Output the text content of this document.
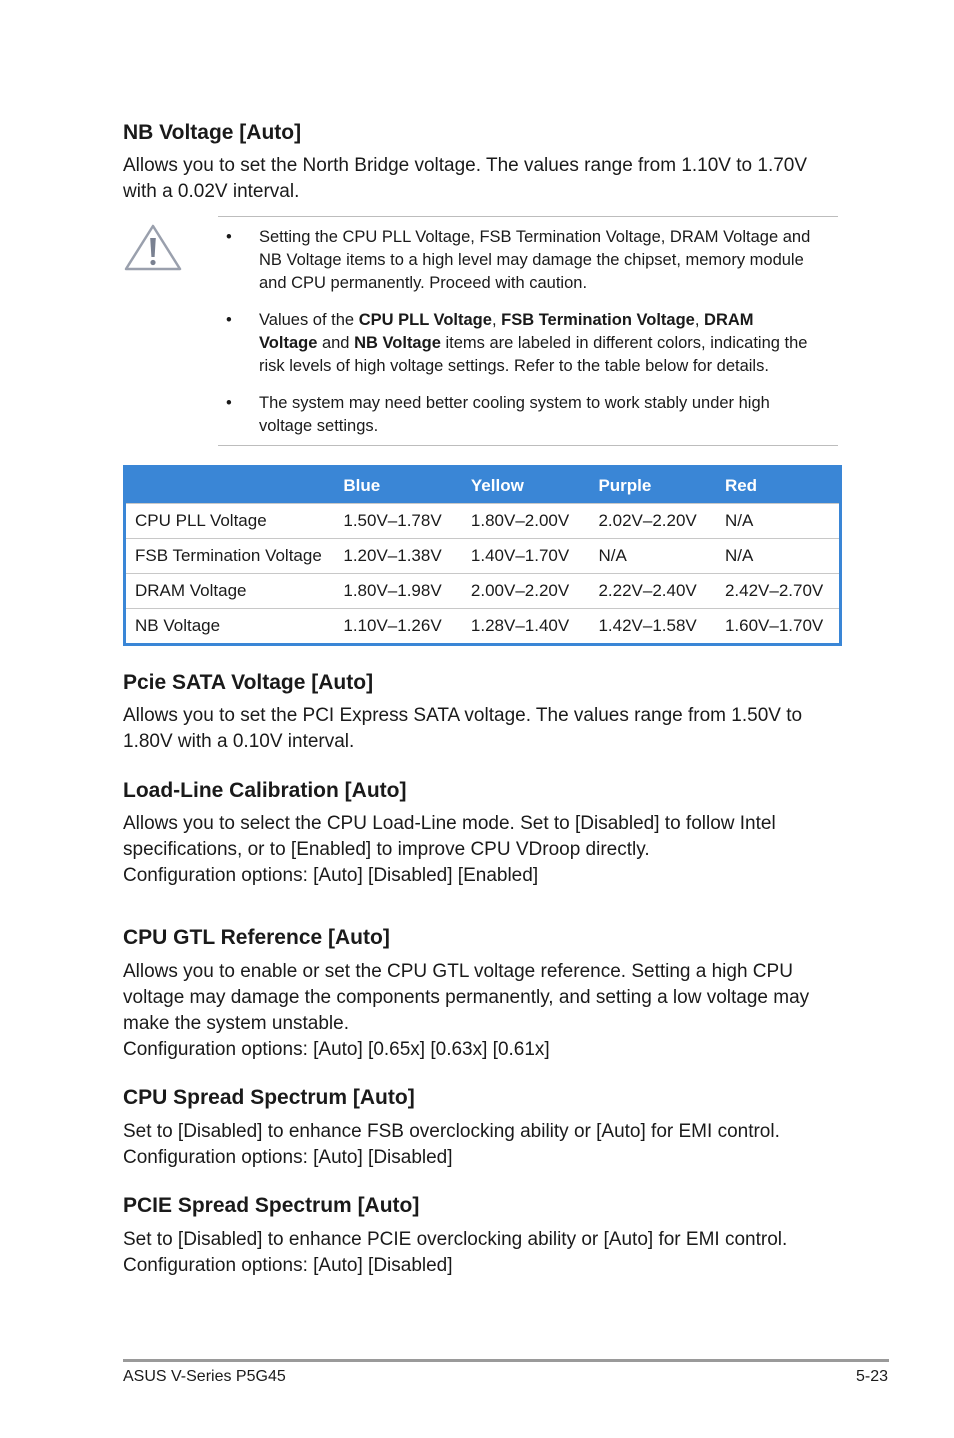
NB Voltage [Auto]
Allows you to set the North Bridge voltage. The values range from 1.10V to 1.70V
with a 0.02V interval.
• Setting the CPU PLL Voltage, FSB Termination Voltage, DRAM Voltage and
NB Voltage items to a high level may damage the chipset, memory module
and CPU permanently. Proceed with caution.
• Values of the CPU PLL Voltage, FSB Termination Voltage, DRAM
Voltage and NB Voltage items are labeled in different colors, indicating the
risk levels of high voltage settings. Refer to the table below for details.
• The system may need better cooling system to work stably under high
voltage settings.
	Blue	Yellow	Purple	Red
CPU PLL Voltage	1.50V–1.78V	1.80V–2.00V	2.02V–2.20V	N/A
FSB Termination Voltage	1.20V–1.38V	1.40V–1.70V	N/A	N/A
DRAM Voltage	1.80V–1.98V	2.00V–2.20V	2.22V–2.40V	2.42V–2.70V
NB Voltage	1.10V–1.26V	1.28V–1.40V	1.42V–1.58V	1.60V–1.70V
Pcie SATA Voltage [Auto]
Allows you to set the PCI Express SATA voltage. The values range from 1.50V to
1.80V with a 0.10V interval.
Load-Line Calibration [Auto]
Allows you to select the CPU Load-Line mode. Set to [Disabled] to follow Intel
specifications, or to [Enabled] to improve CPU VDroop directly.
Configuration options: [Auto] [Disabled] [Enabled]
CPU GTL Reference [Auto]
Allows you to enable or set the CPU GTL voltage reference. Setting a high CPU
voltage may damage the components permanently, and setting a low voltage may
make the system unstable.
Configuration options: [Auto] [0.65x] [0.63x] [0.61x]
CPU Spread Spectrum [Auto]
Set to [Disabled] to enhance FSB overclocking ability or [Auto] for EMI control.
Configuration options: [Auto] [Disabled]
PCIE Spread Spectrum [Auto]
Set to [Disabled] to enhance PCIE overclocking ability or [Auto] for EMI control.
Configuration options: [Auto] [Disabled]
ASUS V-Series P5G45	5-23
